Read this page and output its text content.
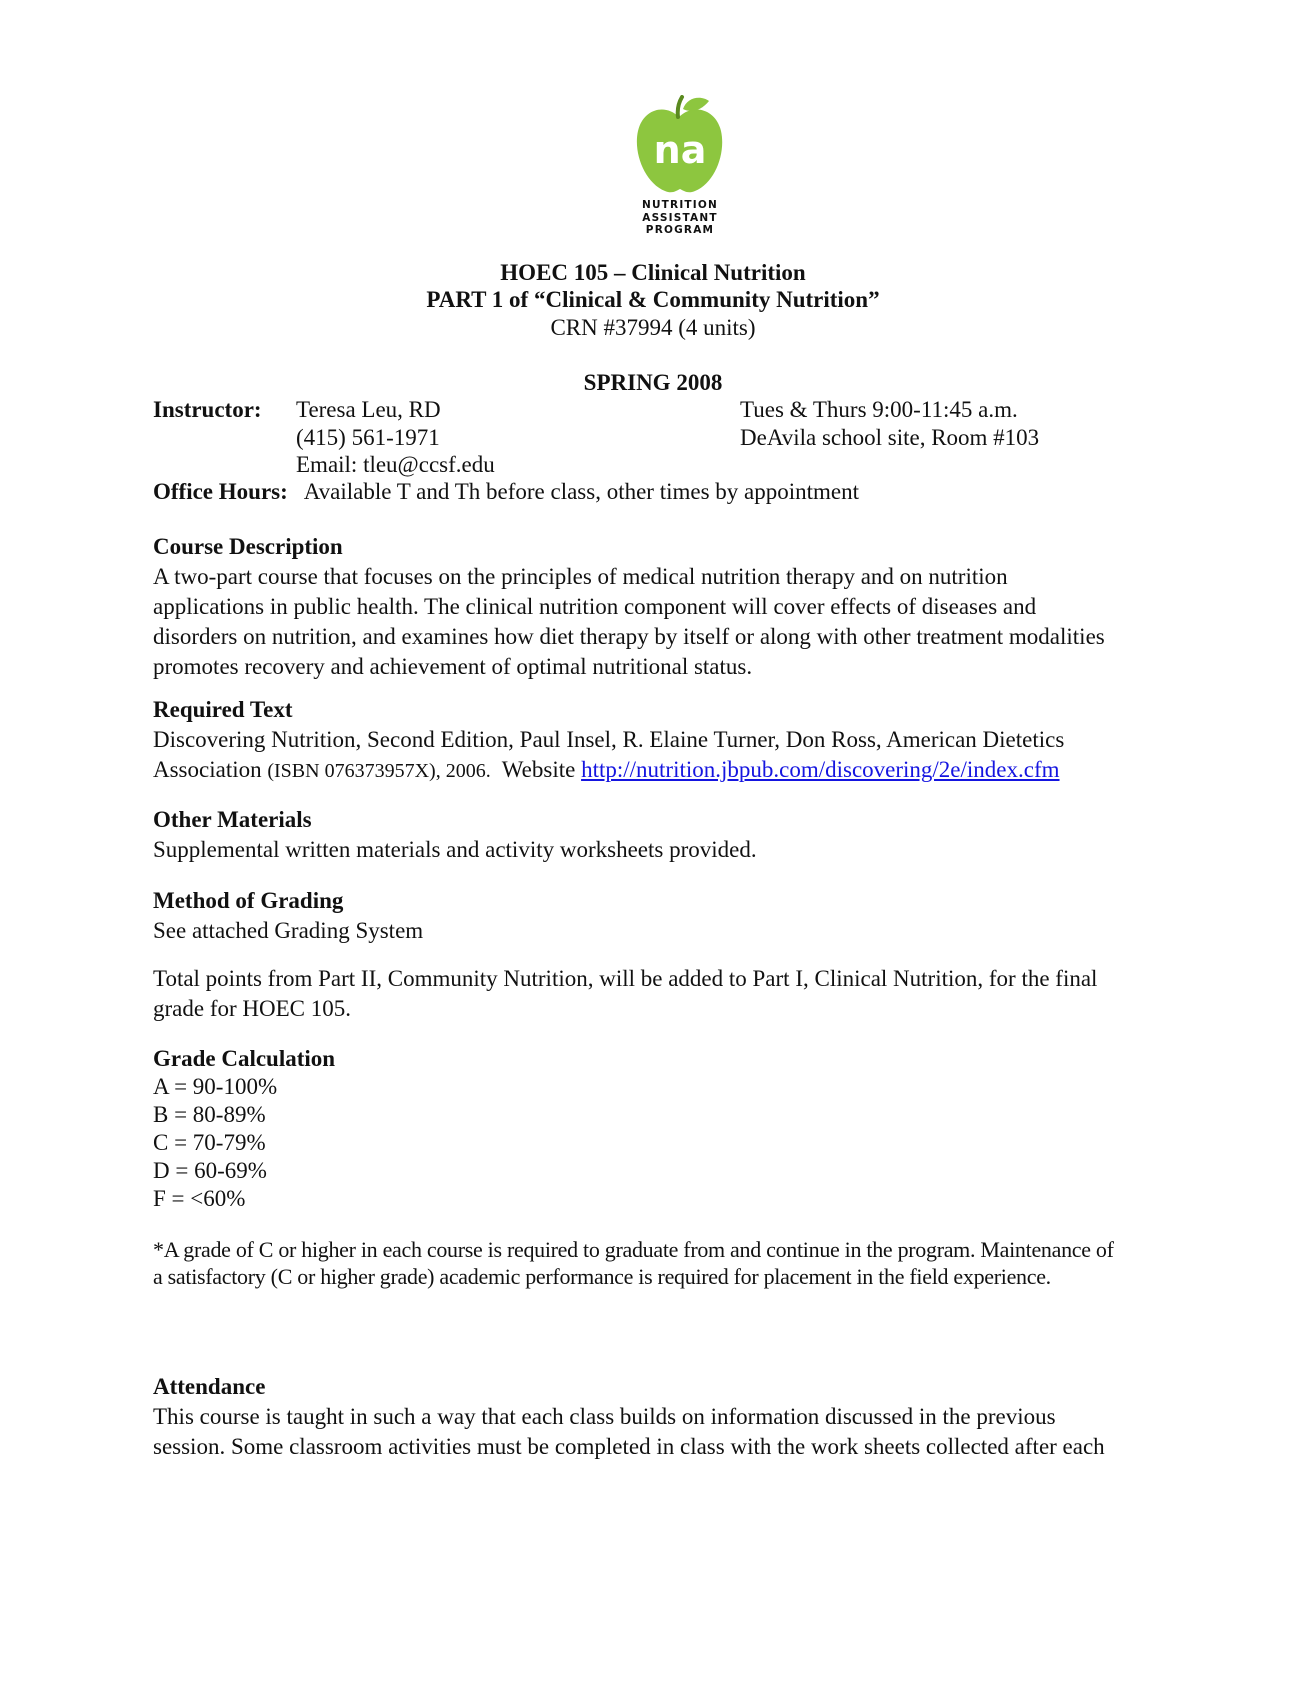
na
NUTRITION
ASSISTANT
PROGRAM
HOEC 105 – Clinical Nutrition
PART 1 of “Clinical & Community Nutrition”
CRN #37994 (4 units)
SPRING 2008
Instructor: Teresa Leu, RD
(415) 561-1971
Email: tleu@ccsf.edu
Tues & Thurs 9:00-11:45 a.m.
DeAvila school site, Room #103
Office Hours: Available T and Th before class, other times by appointment
Course Description
A two-part course that focuses on the principles of medical nutrition therapy and on nutrition
applications in public health. The clinical nutrition component will cover effects of diseases and
disorders on nutrition, and examines how diet therapy by itself or along with other treatment modalities
promotes recovery and achievement of optimal nutritional status.
Required Text
Discovering Nutrition, Second Edition, Paul Insel, R. Elaine Turner, Don Ross, American Dietetics
Association (ISBN 076373957X), 2006.  Website http://nutrition.jbpub.com/discovering/2e/index.cfm
Other Materials
Supplemental written materials and activity worksheets provided.
Method of Grading
See attached Grading System
Total points from Part II, Community Nutrition, will be added to Part I, Clinical Nutrition, for the final
grade for HOEC 105.
Grade Calculation
A = 90-100%
B = 80-89%
C = 70-79%
D = 60-69%
F = <60%
*A grade of C or higher in each course is required to graduate from and continue in the program. Maintenance of
a satisfactory (C or higher grade) academic performance is required for placement in the field experience.
Attendance
This course is taught in such a way that each class builds on information discussed in the previous
session. Some classroom activities must be completed in class with the work sheets collected after each
